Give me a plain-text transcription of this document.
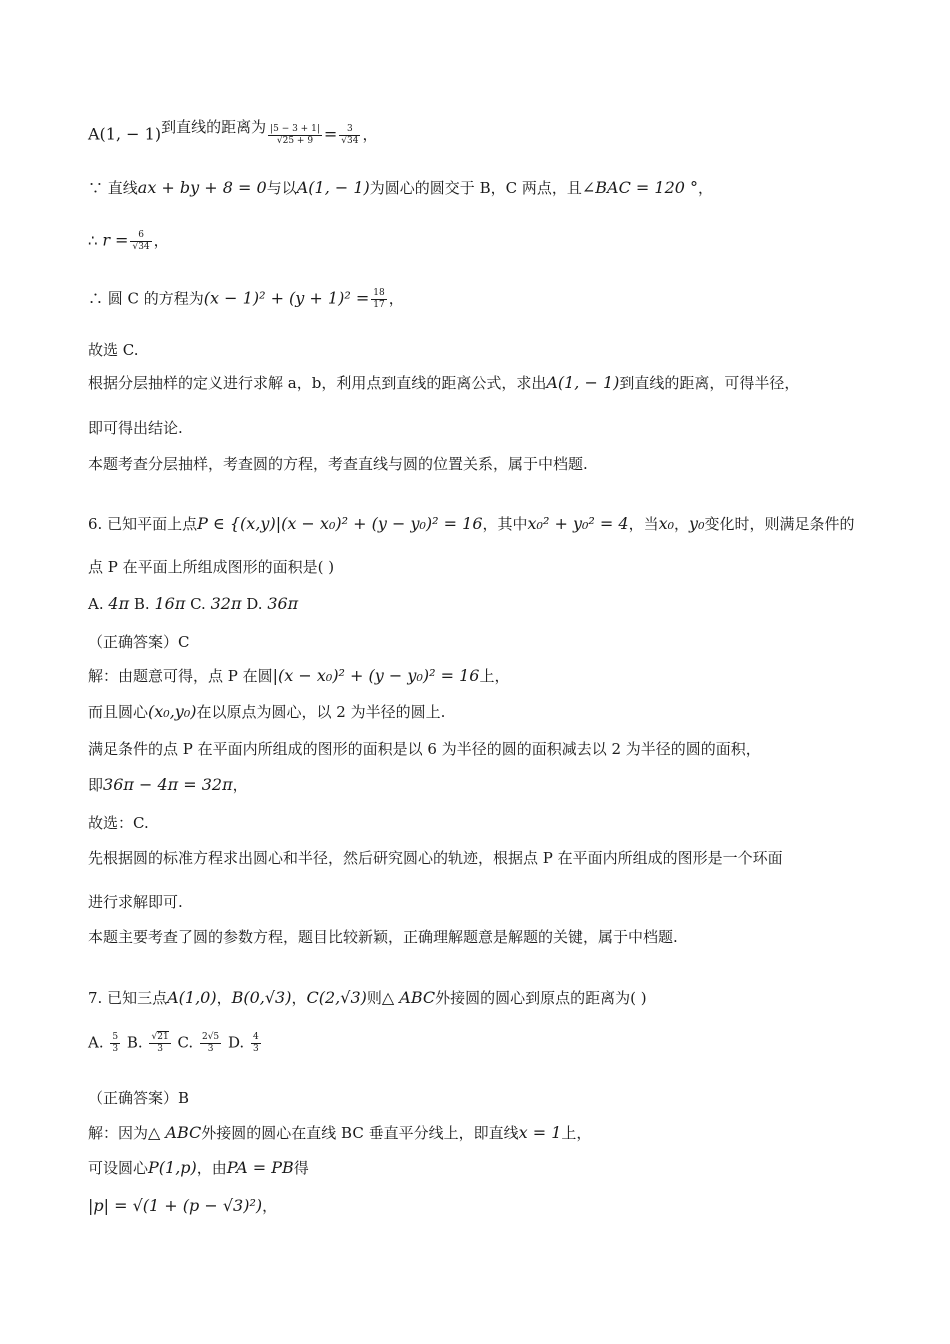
A(1, − 1)到直线的距离为 $\frac{|5 - 3 + 1|}{√25 + 9} = \frac{3}{√34}$ ，
∵ 直线ax + by + 8 = 0与以A(1, − 1)为圆心的圆交于 B，C 两点，且∠BAC = 120 °，
∴ $r = \frac{6}{√34}$ ，
∴ 圆 C 的方程为$(x - 1)^2 + (y + 1)^2 = \frac{18}{17}$ ，
故选 C.
根据分层抽样的定义进行求解 a，b，利用点到直线的距离公式，求出A(1, − 1)到直线的距离，可得半径，
即可得出结论.
本题考查分层抽样，考查圆的方程，考查直线与圆的位置关系，属于中档题.
6. 已知平面上点P ∈ {(x,y)|(x − x₀)² + (y − y₀)² = 16，其中x₀² + y₀² = 4，当x₀，y₀变化时，则满足条件的
点 P 在平面上所组成图形的面积是( )
A. 4π B. 16π C. 32π D. 36π
（正确答案）C
解：由题意可得，点 P 在圆|(x − x₀)² + (y − y₀)² = 16上，
而且圆心(x₀,y₀)在以原点为圆心，以 2 为半径的圆上.
满足条件的点 P 在平面内所组成的图形的面积是以 6 为半径的圆的面积减去以 2 为半径的圆的面积，
即36π − 4π = 32π，
故选：C.
先根据圆的标准方程求出圆心和半径，然后研究圆心的轨迹，根据点 P 在平面内所组成的图形是一个环面
进行求解即可.
本题主要考查了圆的参数方程，题目比较新颖，正确理解题意是解题的关键，属于中档题.
7. 已知三点A(1,0)，B(0,√3)，C(2,√3)则△ ABC外接圆的圆心到原点的距离为( )
A. $\frac{5}{3} B$. $\frac{√21}{3} C$. $\frac{2√5}{3} D$. $\frac{4}{3}$
（正确答案）B
解：因为△ ABC外接圆的圆心在直线 BC 垂直平分线上，即直线x = 1上，
可设圆心P(1,p)，由PA = PB得
|p| = √(1 + (p − √3)²)，
